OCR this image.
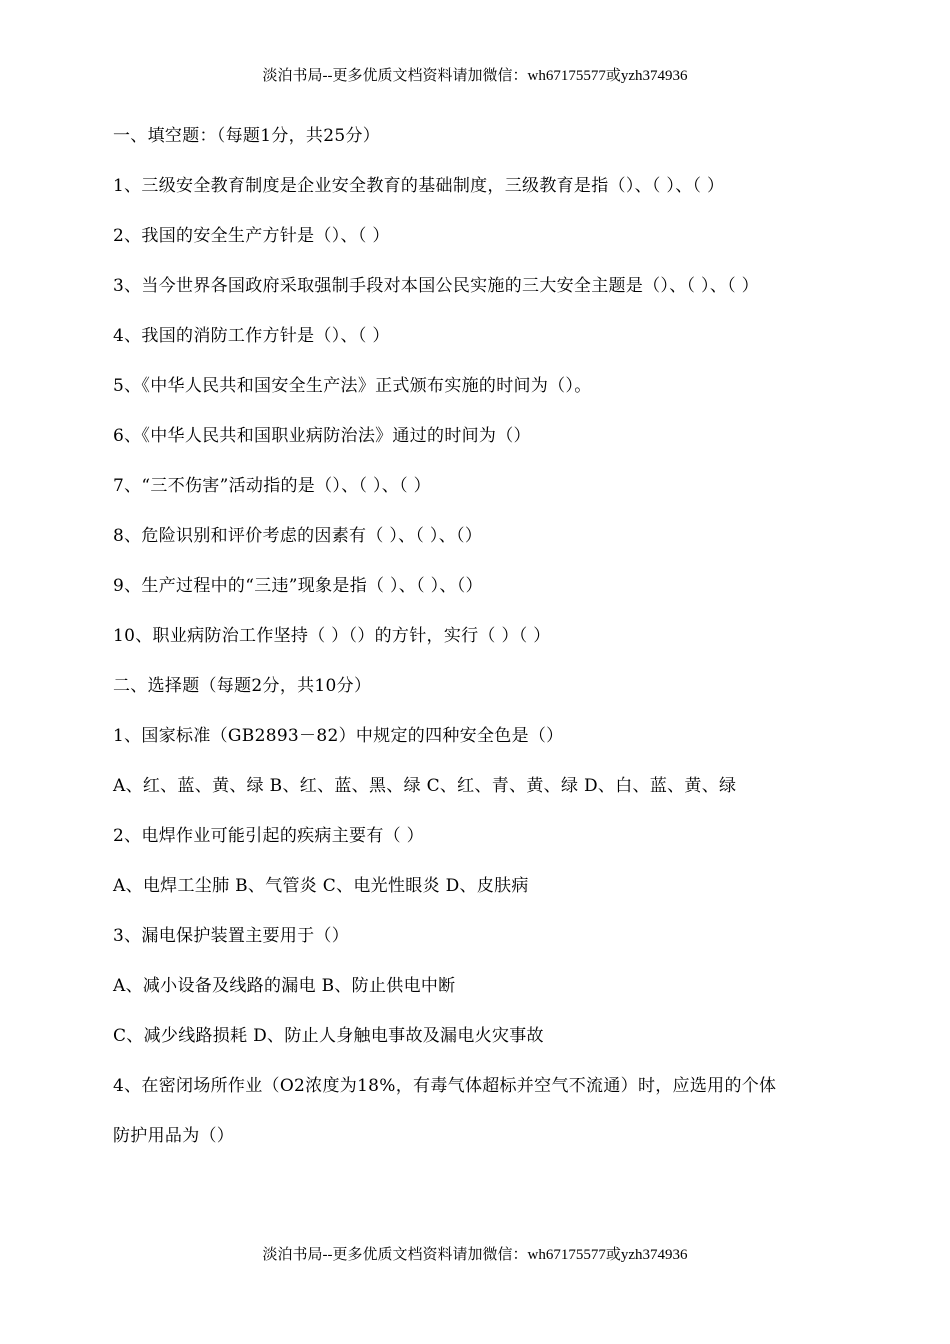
淡泊书局--更多优质文档资料请加微信：wh67175577或yzh374936
一、填空题：（每题1分，共25分）
1、三级安全教育制度是企业安全教育的基础制度，三级教育是指（）、（ ）、（ ）
2、我国的安全生产方针是（）、（ ）
3、当今世界各国政府采取强制手段对本国公民实施的三大安全主题是（）、（ ）、（ ）
4、我国的消防工作方针是（）、（ ）
5、《中华人民共和国安全生产法》正式颁布实施的时间为（）。
6、《中华人民共和国职业病防治法》通过的时间为（）
7、“三不伤害”活动指的是（）、（ ）、（ ）
8、危险识别和评价考虑的因素有（ ）、（ ）、（）
9、生产过程中的“三违”现象是指（ ）、（ ）、（）
10、职业病防治工作坚持（ ）（）的方针，实行（ ）（ ）
二、选择题（每题2分，共10分）
1、国家标准（GB2893－82）中规定的四种安全色是（）
A、红、蓝、黄、绿 B、红、蓝、黑、绿 C、红、青、黄、绿 D、白、蓝、黄、绿
2、电焊作业可能引起的疾病主要有（ ）
A、电焊工尘肺 B、气管炎 C、电光性眼炎 D、皮肤病
3、漏电保护装置主要用于（）
A、减小设备及线路的漏电 B、防止供电中断
C、减少线路损耗 D、防止人身触电事故及漏电火灾事故
4、在密闭场所作业（O2浓度为18%，有毒气体超标并空气不流通）时，应选用的个体
防护用品为（）
淡泊书局--更多优质文档资料请加微信：wh67175577或yzh374936
